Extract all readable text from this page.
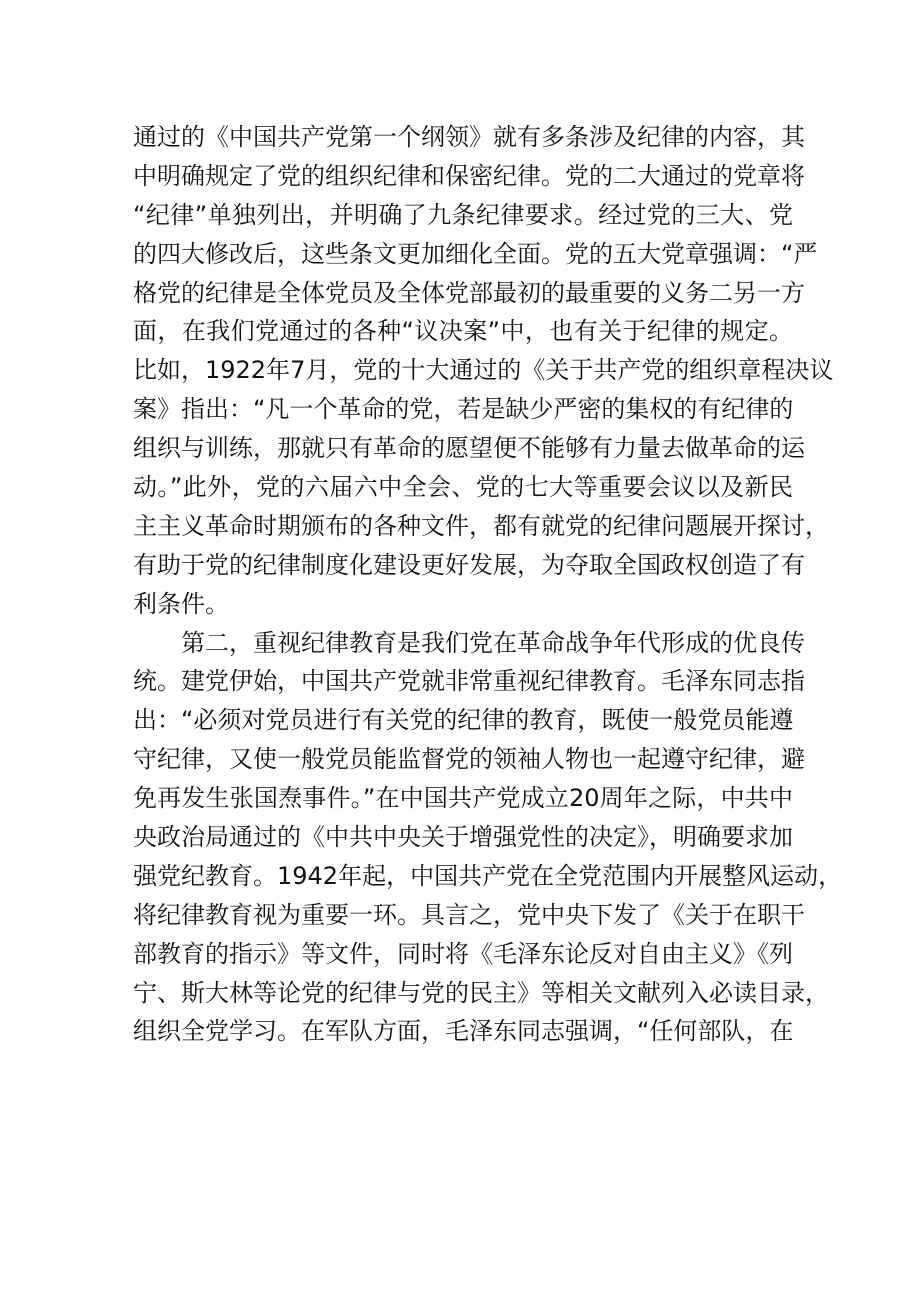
通过的《中国共产党第一个纲领》就有多条涉及纪律的内容，其
中明确规定了党的组织纪律和保密纪律。党的二大通过的党章将
“纪律”单独列出，并明确了九条纪律要求。经过党的三大、党
的四大修改后，这些条文更加细化全面。党的五大党章强调：“严
格党的纪律是全体党员及全体党部最初的最重要的义务二另一方
面，在我们党通过的各种“议决案”中，也有关于纪律的规定。
比如，1922年7月，党的十大通过的《关于共产党的组织章程决议
案》指出：“凡一个革命的党，若是缺少严密的集权的有纪律的
组织与训练，那就只有革命的愿望便不能够有力量去做革命的运
动。”此外，党的六届六中全会、党的七大等重要会议以及新民
主主义革命时期颁布的各种文件，都有就党的纪律问题展开探讨，
有助于党的纪律制度化建设更好发展，为夺取全国政权创造了有
利条件。
第二，重视纪律教育是我们党在革命战争年代形成的优良传
统。建党伊始，中国共产党就非常重视纪律教育。毛泽东同志指
出：“必须对党员进行有关党的纪律的教育，既使一般党员能遵
守纪律，又使一般党员能监督党的领袖人物也一起遵守纪律，避
免再发生张国焘事件。”在中国共产党成立20周年之际，中共中
央政治局通过的《中共中央关于增强党性的决定》，明确要求加
强党纪教育。1942年起，中国共产党在全党范围内开展整风运动，
将纪律教育视为重要一环。具言之，党中央下发了《关于在职干
部教育的指示》等文件，同时将《毛泽东论反对自由主义》《列
宁、斯大林等论党的纪律与党的民主》等相关文献列入必读目录，
组织全党学习。在军队方面，毛泽东同志强调，“任何部队，在
